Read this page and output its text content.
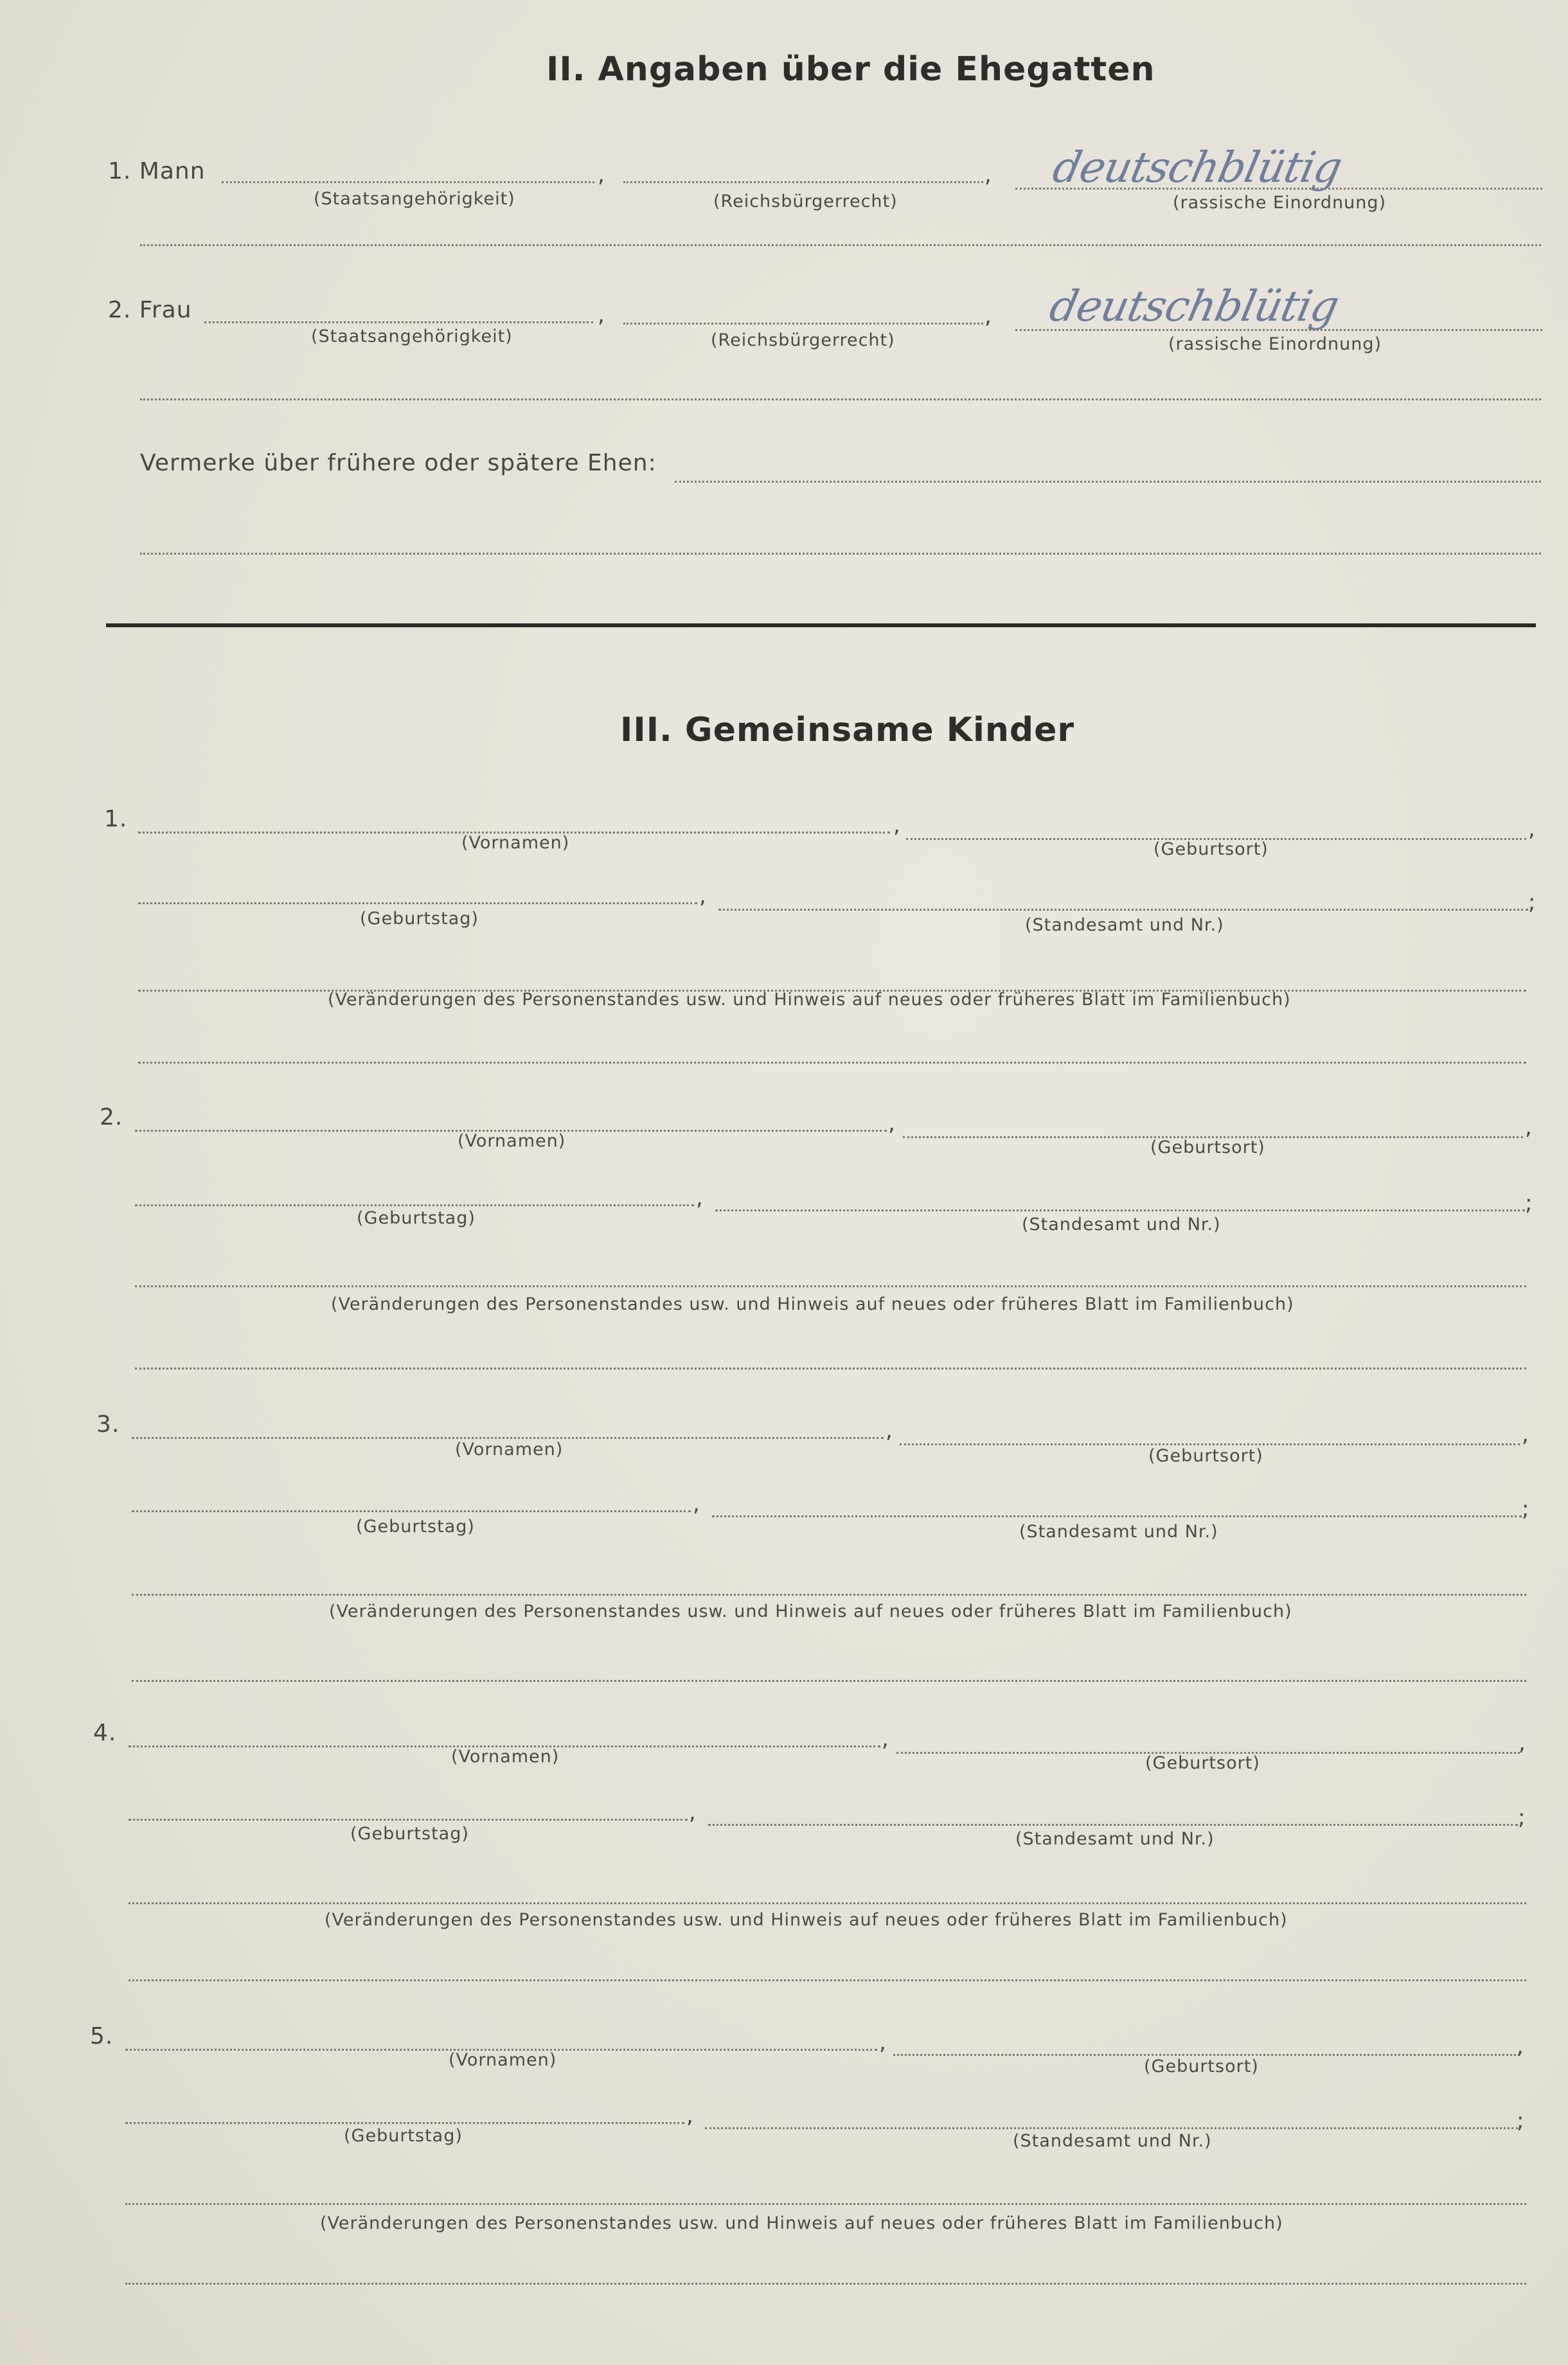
II. Angaben über die Ehegatten
1. Mann	,	, deutschblütig
(Staatsangehörigkeit)	(Reichsbürgerrecht)	(rassische Einordnung)
2. Frau	,	, deutschblütig
(Staatsangehörigkeit)	(Reichsbürgerrecht)	(rassische Einordnung)
Vermerke über frühere oder spätere Ehen:
III. Gemeinsame Kinder
1.	,	,
(Vornamen)	(Geburtsort)
,	;
(Geburtstag)	(Standesamt und Nr.)
(Veränderungen des Personenstandes usw. und Hinweis auf neues oder früheres Blatt im Familienbuch)
2.	,	,
(Vornamen)	(Geburtsort)
,	;
(Geburtstag)	(Standesamt und Nr.)
(Veränderungen des Personenstandes usw. und Hinweis auf neues oder früheres Blatt im Familienbuch)
3.	,	,
(Vornamen)	(Geburtsort)
,	;
(Geburtstag)	(Standesamt und Nr.)
(Veränderungen des Personenstandes usw. und Hinweis auf neues oder früheres Blatt im Familienbuch)
4.	,	,
(Vornamen)	(Geburtsort)
,	;
(Geburtstag)	(Standesamt und Nr.)
(Veränderungen des Personenstandes usw. und Hinweis auf neues oder früheres Blatt im Familienbuch)
5.	,	,
(Vornamen)	(Geburtsort)
,	;
(Geburtstag)	(Standesamt und Nr.)
(Veränderungen des Personenstandes usw. und Hinweis auf neues oder früheres Blatt im Familienbuch)
